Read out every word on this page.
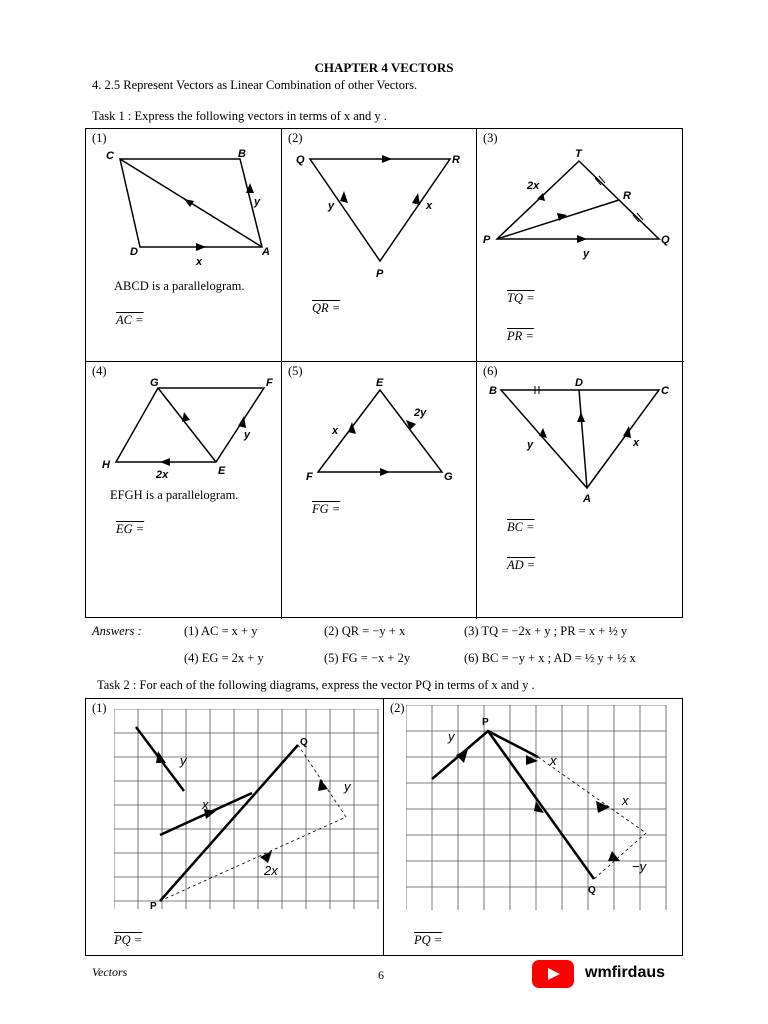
CHAPTER 4 VECTORS
4. 2.5 Represent Vectors as Linear Combination of other Vectors.
Task 1 : Express the following vectors in terms of x and y .
(1)
C	B
D	A
y
x
ABCD is a parallelogram.
AC =
(2)
Q	R
P
y	x
QR =
(3)
T
R
P	Q
2x
y
TQ =
PR =
(4)
G	F
H	E
y
2x
EFGH is a parallelogram.
EG =
(5)
E
F	G
x
2y
FG =
(6)
B
D
C
A
y	x
BC =
AD =
Answers :	(1) AC = x + y	(2) QR = −y + x	(3) TQ = −2x + y ; PR = x + ½ y
(4) EG = 2x + y	(5) FG = −x + 2y	(6) BC = −y + x ; AD = ½ y + ½ x
Task 2 : For each of the following diagrams, express the vector PQ in terms of x and y .
(1)
y
x
y
2x
P
Q
PQ =
(2)
y
x
x
−y
P
Q
PQ =
Vectors	6	wmfirdaus
